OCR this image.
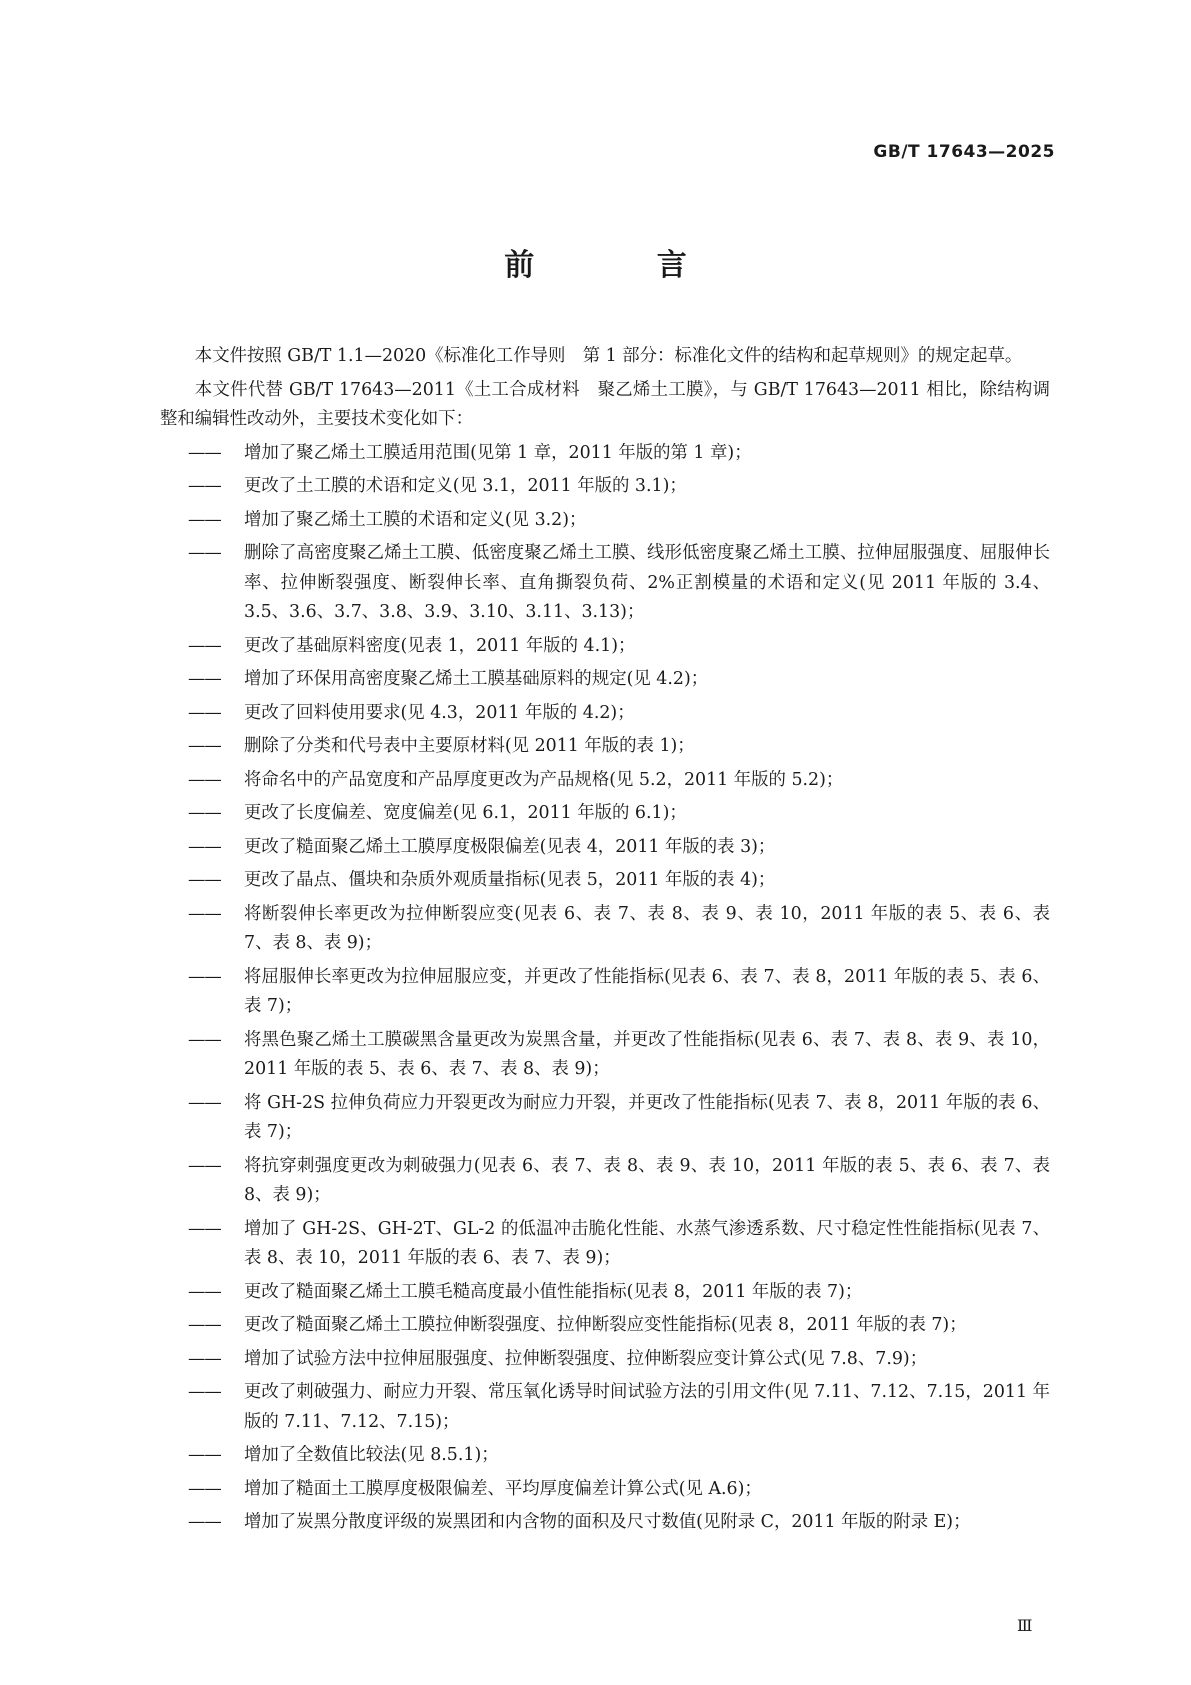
GB/T 17643—2025
前 言

本文件按照 GB/T 1.1—2020《标准化工作导则　第 1 部分：标准化文件的结构和起草规则》的规定起草。

本文件代替 GB/T 17643—2011《土工合成材料　聚乙烯土工膜》，与 GB/T 17643—2011 相比，除结构调整和编辑性改动外，主要技术变化如下：

—— 增加了聚乙烯土工膜适用范围(见第 1 章，2011 年版的第 1 章)；
—— 更改了土工膜的术语和定义(见 3.1，2011 年版的 3.1)；
—— 增加了聚乙烯土工膜的术语和定义(见 3.2)；
—— 删除了高密度聚乙烯土工膜、低密度聚乙烯土工膜、线形低密度聚乙烯土工膜、拉伸屈服强度、屈服伸长率、拉伸断裂强度、断裂伸长率、直角撕裂负荷、2%正割模量的术语和定义(见 2011 年版的 3.4、3.5、3.6、3.7、3.8、3.9、3.10、3.11、3.13)；
—— 更改了基础原料密度(见表 1，2011 年版的 4.1)；
—— 增加了环保用高密度聚乙烯土工膜基础原料的规定(见 4.2)；
—— 更改了回料使用要求(见 4.3，2011 年版的 4.2)；
—— 删除了分类和代号表中主要原材料(见 2011 年版的表 1)；
—— 将命名中的产品宽度和产品厚度更改为产品规格(见 5.2，2011 年版的 5.2)；
—— 更改了长度偏差、宽度偏差(见 6.1，2011 年版的 6.1)；
—— 更改了糙面聚乙烯土工膜厚度极限偏差(见表 4，2011 年版的表 3)；
—— 更改了晶点、僵块和杂质外观质量指标(见表 5，2011 年版的表 4)；
—— 将断裂伸长率更改为拉伸断裂应变(见表 6、表 7、表 8、表 9、表 10，2011 年版的表 5、表 6、表 7、表 8、表 9)；
—— 将屈服伸长率更改为拉伸屈服应变，并更改了性能指标(见表 6、表 7、表 8，2011 年版的表 5、表 6、表 7)；
—— 将黑色聚乙烯土工膜碳黑含量更改为炭黑含量，并更改了性能指标(见表 6、表 7、表 8、表 9、表 10，2011 年版的表 5、表 6、表 7、表 8、表 9)；
—— 将 GH-2S 拉伸负荷应力开裂更改为耐应力开裂，并更改了性能指标(见表 7、表 8，2011 年版的表 6、表 7)；
—— 将抗穿刺强度更改为刺破强力(见表 6、表 7、表 8、表 9、表 10，2011 年版的表 5、表 6、表 7、表 8、表 9)；
—— 增加了 GH-2S、GH-2T、GL-2 的低温冲击脆化性能、水蒸气渗透系数、尺寸稳定性性能指标(见表 7、表 8、表 10，2011 年版的表 6、表 7、表 9)；
—— 更改了糙面聚乙烯土工膜毛糙高度最小值性能指标(见表 8，2011 年版的表 7)；
—— 更改了糙面聚乙烯土工膜拉伸断裂强度、拉伸断裂应变性能指标(见表 8，2011 年版的表 7)；
—— 增加了试验方法中拉伸屈服强度、拉伸断裂强度、拉伸断裂应变计算公式(见 7.8、7.9)；
—— 更改了刺破强力、耐应力开裂、常压氧化诱导时间试验方法的引用文件(见 7.11、7.12、7.15，2011 年版的 7.11、7.12、7.15)；
—— 增加了全数值比较法(见 8.5.1)；
—— 增加了糙面土工膜厚度极限偏差、平均厚度偏差计算公式(见 A.6)；
—— 增加了炭黑分散度评级的炭黑团和内含物的面积及尺寸数值(见附录 C，2011 年版的附录 E)；
Ⅲ
